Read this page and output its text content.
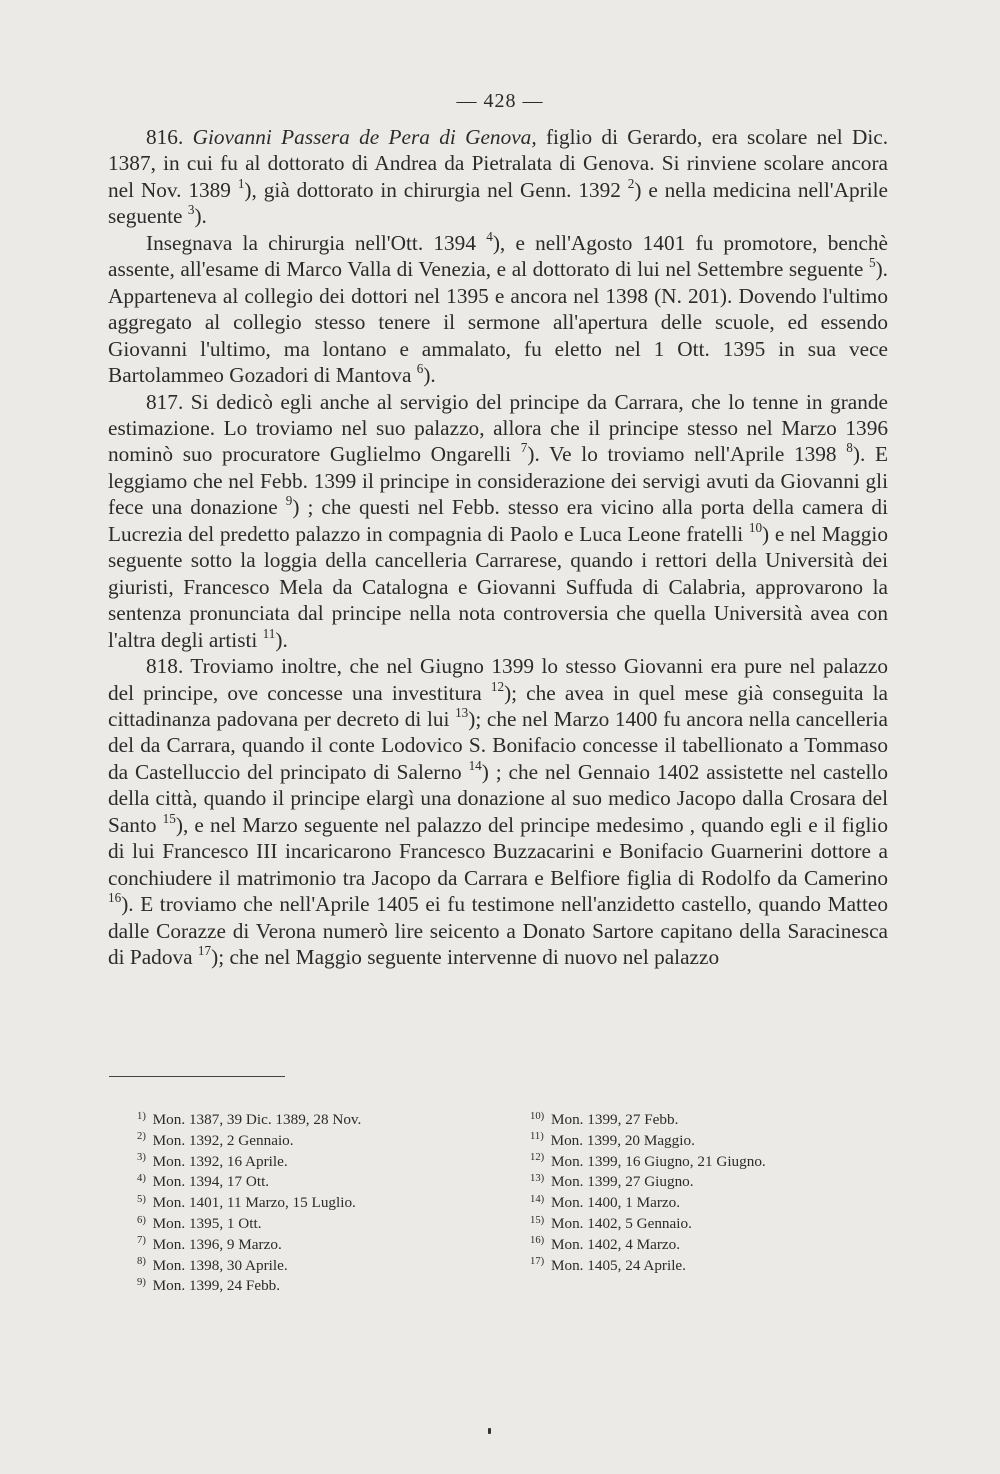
— 428 —

816. Giovanni Passera de Pera di Genova, figlio di Gerardo, era scolare nel Dic. 1387, in cui fu al dottorato di Andrea da Pietralata di Genova. Si rinviene scolare ancora nel Nov. 1389 $^1$), già dottorato in chirurgia nel Genn. 1392 $^2$) e nella medicina nell'Aprile seguente $^3$).

Insegnava la chirurgia nell'Ott. 1394 $^4$), e nell'Agosto 1401 fu promotore, benchè assente, all'esame di Marco Valla di Venezia, e al dottorato di lui nel Settembre seguente $^5$). Apparteneva al collegio dei dottori nel 1395 e ancora nel 1398 (N. 201). Dovendo l'ultimo aggregato al collegio stesso tenere il sermone all'apertura delle scuole, ed essendo Giovanni l'ultimo, ma lontano e ammalato, fu eletto nel 1 Ott. 1395 in sua vece Bartolammeo Gozadori di Mantova $^6$).

817. Si dedicò egli anche al servigio del principe da Carrara, che lo tenne in grande estimazione. Lo troviamo nel suo palazzo, allora che il principe stesso nel Marzo 1396 nominò suo procuratore Guglielmo Ongarelli $^7$). Ve lo troviamo nell'Aprile 1398 $^8$). E leggiamo che nel Febb. 1399 il principe in considerazione dei servigi avuti da Giovanni gli fece una donazione $^9$) ; che questi nel Febb. stesso era vicino alla porta della camera di Lucrezia del predetto palazzo in compagnia di Paolo e Luca Leone fratelli $^{10}$) e nel Maggio seguente sotto la loggia della cancelleria Carrarese, quando i rettori della Università dei giuristi, Francesco Mela da Catalogna e Giovanni Suffuda di Calabria, approvarono la sentenza pronunciata dal principe nella nota controversia che quella Università avea con l'altra degli artisti $^{11}$).

818. Troviamo inoltre, che nel Giugno 1399 lo stesso Giovanni era pure nel palazzo del principe, ove concesse una investitura $^{12}$); che avea in quel mese già conseguita la cittadinanza padovana per decreto di lui $^{13}$); che nel Marzo 1400 fu ancora nella cancelleria del da Carrara, quando il conte Lodovico S. Bonifacio concesse il tabellionato a Tommaso da Castelluccio del principato di Salerno $^{14}$) ; che nel Gennaio 1402 assistette nel castello della città, quando il principe elargì una donazione al suo medico Jacopo dalla Crosara del Santo $^{15}$), e nel Marzo seguente nel palazzo del principe medesimo , quando egli e il figlio di lui Francesco III incaricarono Francesco Buzzacarini e Bonifacio Guarnerini dottore a conchiudere il matrimonio tra Jacopo da Carrara e Belfiore figlia di Rodolfo da Camerino $^{16}$). E troviamo che nell'Aprile 1405 ei fu testimone nell'anzidetto castello, quando Matteo dalle Corazze di Verona numerò lire seicento a Donato Sartore capitano della Saracinesca di Padova $^{17}$); che nel Maggio seguente intervenne di nuovo nel palazzo

$^{1)}$ Mon. 1387, 39 Dic. 1389, 28 Nov.
$^{2)}$ Mon. 1392, 2 Gennaio.
$^{3)}$ Mon. 1392, 16 Aprile.
$^{4)}$ Mon. 1394, 17 Ott.
$^{5)}$ Mon. 1401, 11 Marzo, 15 Luglio.
$^{6)}$ Mon. 1395, 1 Ott.
$^{7)}$ Mon. 1396, 9 Marzo.
$^{8)}$ Mon. 1398, 30 Aprile.
$^{9)}$ Mon. 1399, 24 Febb.
$^{10)}$ Mon. 1399, 27 Febb.
$^{11)}$ Mon. 1399, 20 Maggio.
$^{12)}$ Mon. 1399, 16 Giugno, 21 Giugno.
$^{13)}$ Mon. 1399, 27 Giugno.
$^{14)}$ Mon. 1400, 1 Marzo.
$^{15)}$ Mon. 1402, 5 Gennaio.
$^{16)}$ Mon. 1402, 4 Marzo.
$^{17)}$ Mon. 1405, 24 Aprile.
